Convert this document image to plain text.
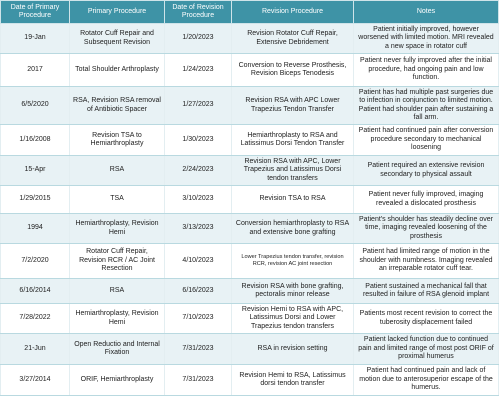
Date of Primary Procedure	Primary Procedure	Date of Revision Procedure	Revision Procedure	Notes
19-Jan	Rotator Cuff Repair and Subsequent Revision	1/20/2023	Revision Rotator Cuff Repair, Extensive Debridement	Patient initially improved, however worsened with limited motion. MRI revealed a new space in rotator cuff
2017	Total Shoulder Arthroplasty	1/24/2023	Conversion to Reverse Prosthesis, Revision Biceps Tenodesis	Patient never fully improved after the initial procedure, had ongoing pain and low function.
6/5/2020	RSA, Revision RSA removal of Antibiotic Spacer	1/27/2023	Revision RSA with APC Lower Trapezius Tendon Transfer	Patient has had multiple past surgeries due to infection in conjunction to limited motion. Patient had shoulder pain after sustaining a fall arm.
1/16/2008	Revision TSA to Hemiarthroplasty	1/30/2023	Hemiarthroplasty to RSA and Latissimus Dorsi Tendon Transfer	Patient had continued pain after conversion procedure secondary to mechanical loosening
15-Apr	RSA	2/24/2023	Revision RSA with APC, Lower Trapezius and Latissimus Dorsi tendon transfers	Patient required an extensive revision secondary to physical assault
1/29/2015	TSA	3/10/2023	Revision TSA to RSA	Patient never fully improved, imaging revealed a dislocated prosthesis
1994	Hemiarthroplasty, Revision Hemi	3/13/2023	Conversion hemiarthroplasty to RSA and extensive bone grafting	Patient's shoulder has steadily decline over time, imaging revealed loosening of the prosthesis
7/2/2020	Rotator Cuff Repair, Revision RCR / AC Joint Resection	4/10/2023	Lower Trapezius tendon transfer, revision RCR, revision AC joint resection	Patient had limited range of motion in the shoulder with numbness. Imaging revealed an irreparable rotator cuff tear.
6/16/2014	RSA	6/16/2023	Revision RSA with bone grafting, pectoralis minor release	Patient sustained a mechanical fall that resulted in failure of RSA glenoid implant
7/28/2022	Hemiarthroplasty, Revision Hemi	7/10/2023	Revision Hemi to RSA with APC, Latissimus Dorsi and Lower Trapezius tendon transfers	Patients most recent revision to correct the tuberosity displacement failed
21-Jun	Open Reductio and Internal Fixation	7/31/2023	RSA in revision setting	Patient lacked function due to continued pain and limited range of most post ORIF of proximal humerus
3/27/2014	ORIF, Hemiarthroplasty	7/31/2023	Revision Hemi to RSA, Latissimus dorsi tendon transfer	Patient had continued pain and lack of motion due to anterosuperior escape of the humerus.
